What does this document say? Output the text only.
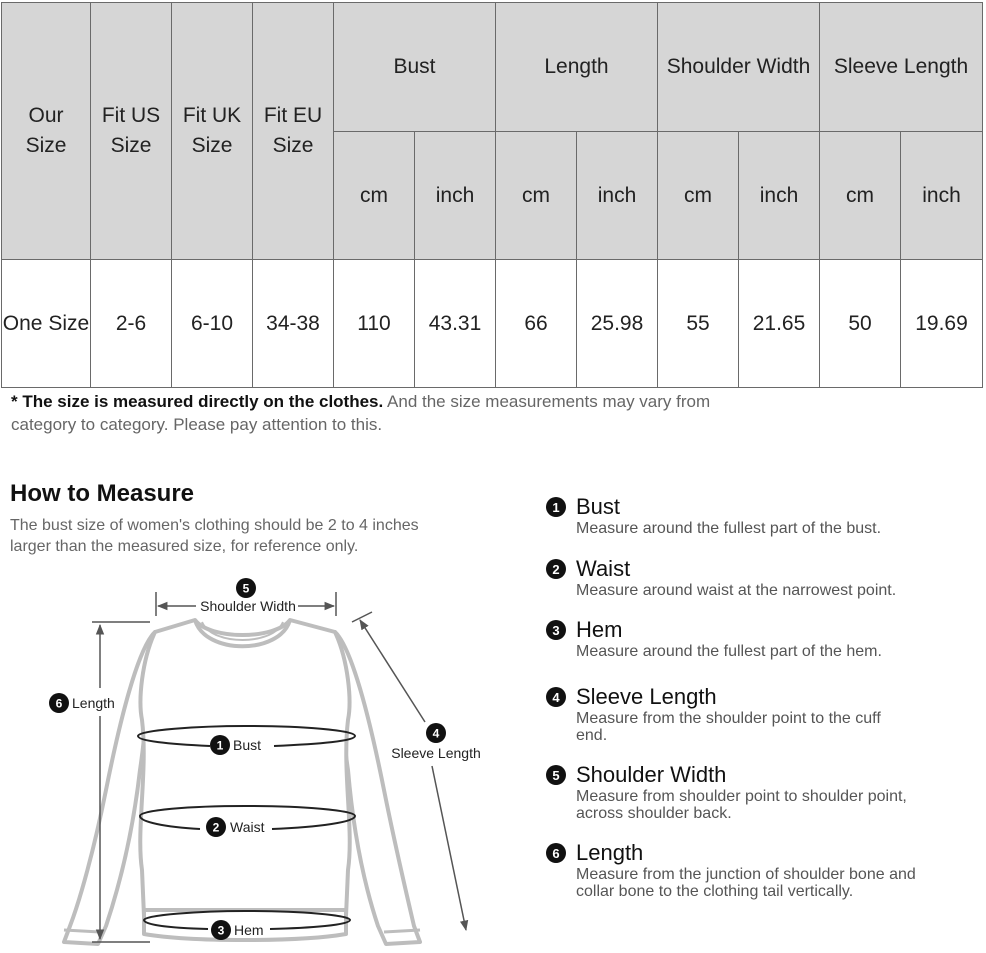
Our Size	Fit US Size	Fit UK Size	Fit EU Size	Bust		Length		Shoulder Width		Sleeve Length	
				cm	inch	cm	inch	cm	inch	cm	inch
One Size	2-6	6-10	34-38	110	43.31	66	25.98	55	21.65	50	19.69
* The size is measured directly on the clothes. And the size measurements may vary from category to category. Please pay attention to this.
How to Measure
The bust size of women's clothing should be 2 to 4 inches larger than the measured size, for reference only.
5
Shoulder Width
6 Length
4
Sleeve Length
1 Bust
2 Waist
3 Hem
1 Bust
Measure around the fullest part of the bust.
2 Waist
Measure around waist at the narrowest point.
3 Hem
Measure around the fullest part of the hem.
4 Sleeve Length
Measure from the shoulder point to the cuff end.
5 Shoulder Width
Measure from shoulder point to shoulder point, across shoulder back.
6 Length
Measure from the junction of shoulder bone and collar bone to the clothing tail vertically.
